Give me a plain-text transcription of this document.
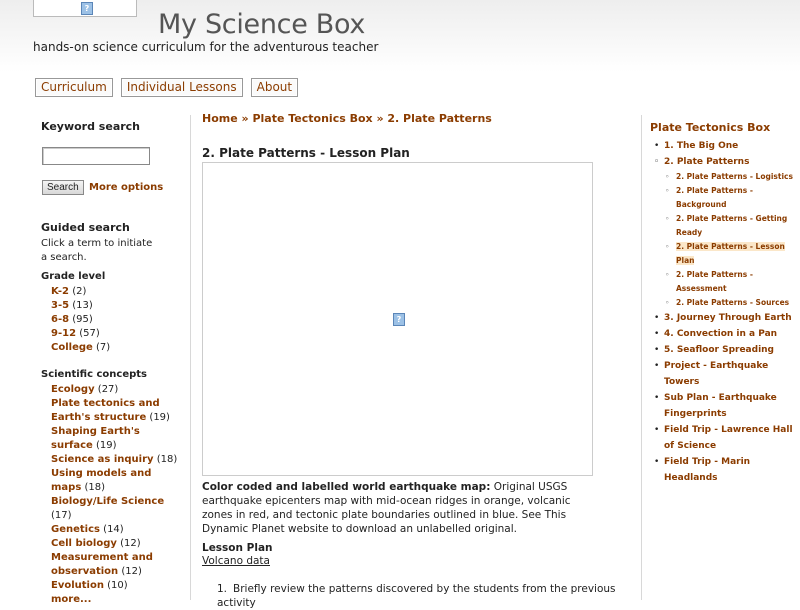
?
My Science Box
hands-on science curriculum for the adventurous teacher
Curriculum	Individual Lessons	About
Keyword search
Search	More options
Guided search
Click a term to initiate a search.
Grade level
K-2 (2)
3-5 (13)
6-8 (95)
9-12 (57)
College (7)
Scientific concepts
Ecology (27)
Plate tectonics and Earth's structure (19)
Shaping Earth's surface (19)
Science as inquiry (18)
Using models and maps (18)
Biology/Life Science (17)
Genetics (14)
Cell biology (12)
Measurement and observation (12)
Evolution (10)
more...
Home » Plate Tectonics Box » 2. Plate Patterns
2. Plate Patterns - Lesson Plan
?
Color coded and labelled world earthquake map: Original USGS earthquake epicenters map with mid-ocean ridges in orange, volcanic zones in red, and tectonic plate boundaries outlined in blue. See This Dynamic Planet website to download an unlabelled original.
Lesson Plan
Volcano data
1. Briefly review the patterns discovered by the students from the previous activity
Plate Tectonics Box
• 1. The Big One
◦ 2. Plate Patterns
◦ 2. Plate Patterns - Logistics
◦ 2. Plate Patterns - Background
◦ 2. Plate Patterns - Getting Ready
◦ 2. Plate Patterns - Lesson Plan
◦ 2. Plate Patterns - Assessment
◦ 2. Plate Patterns - Sources
• 3. Journey Through Earth
• 4. Convection in a Pan
• 5. Seafloor Spreading
• Project - Earthquake Towers
• Sub Plan - Earthquake Fingerprints
• Field Trip - Lawrence Hall of Science
• Field Trip - Marin Headlands
